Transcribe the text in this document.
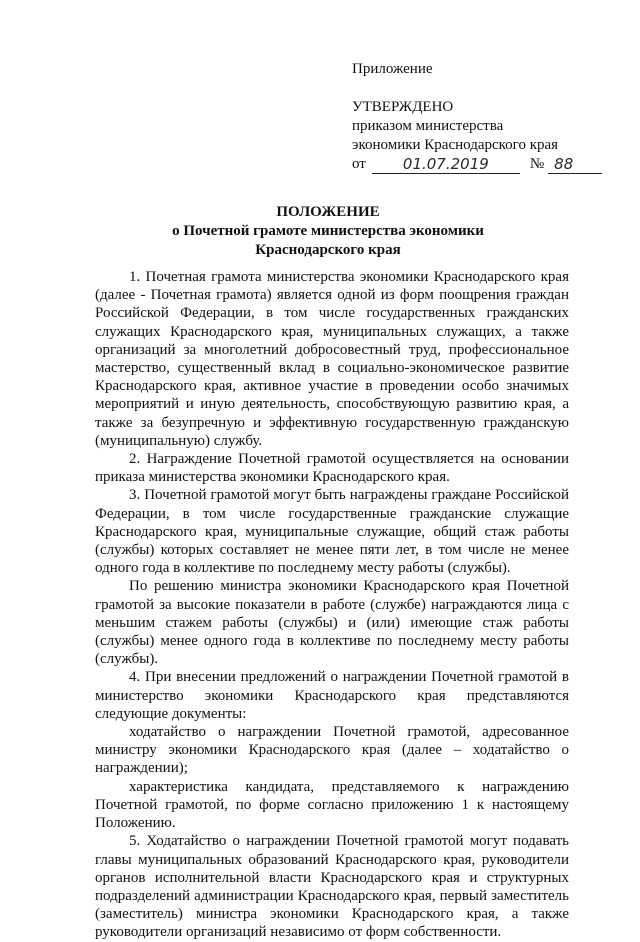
Приложение
УТВЕРЖДЕНО
приказом министерства
экономики Краснодарского края
от	01.07.2019	№ 88
ПОЛОЖЕНИЕ
о Почетной грамоте министерства экономики
Краснодарского края

1. Почетная грамота министерства экономики Краснодарского края (далее - Почетная грамота) является одной из форм поощрения граждан Российской Федерации, в том числе государственных гражданских служащих Краснодарского края, муниципальных служащих, а также организаций за многолетний добросовестный труд, профессиональное мастерство, существенный вклад в социально-экономическое развитие Краснодарского края, активное участие в проведении особо значимых мероприятий и иную деятельность, способствующую развитию края, а также за безупречную и эффективную государственную гражданскую (муниципальную) службу.

2. Награждение Почетной грамотой осуществляется на основании приказа министерства экономики Краснодарского края.

3. Почетной грамотой могут быть награждены граждане Российской Федерации, в том числе государственные гражданские служащие Краснодарского края, муниципальные служащие, общий стаж работы (службы) которых составляет не менее пяти лет, в том числе не менее одного года в коллективе по последнему месту работы (службы).

По решению министра экономики Краснодарского края Почетной грамотой за высокие показатели в работе (службе) награждаются лица с меньшим стажем работы (службы) и (или) имеющие стаж работы (службы) менее одного года в коллективе по последнему месту работы (службы).

4. При внесении предложений о награждении Почетной грамотой в министерство экономики Краснодарского края представляются следующие документы:

ходатайство о награждении Почетной грамотой, адресованное министру экономики Краснодарского края (далее – ходатайство о награждении);

характеристика кандидата, представляемого к награждению Почетной грамотой, по форме согласно приложению 1 к настоящему Положению.

5. Ходатайство о награждении Почетной грамотой могут подавать главы муниципальных образований Краснодарского края, руководители органов исполнительной власти Краснодарского края и структурных подразделений администрации Краснодарского края, первый заместитель (заместитель) министра экономики Краснодарского края, а также руководители организаций независимо от форм собственности.
